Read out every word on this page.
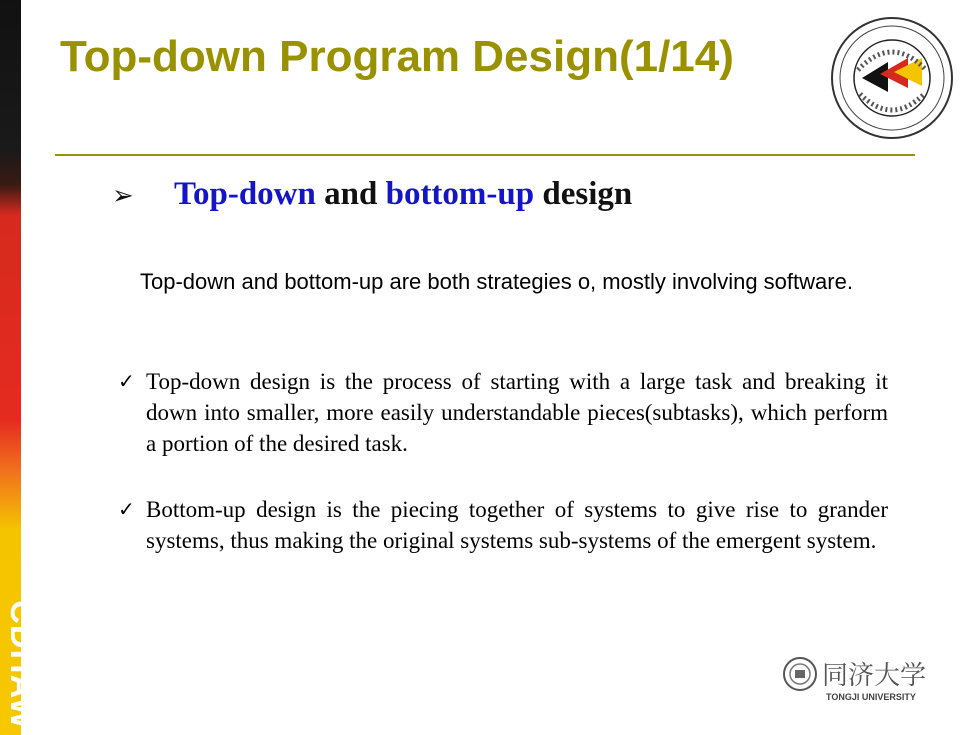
CDHAW
Top-down Program Design(1/14)
➢ Top-down and bottom-up design

Top-down and bottom-up are both strategies o, mostly involving software.

✓ Top-down design is the process of starting with a large task and breaking it down into smaller, more easily understandable pieces(subtasks), which perform a portion of the desired task.

✓ Bottom-up design is the piecing together of systems to give rise to grander systems, thus making the original systems sub-systems of the emergent system.

同济大学
TONGJI UNIVERSITY
